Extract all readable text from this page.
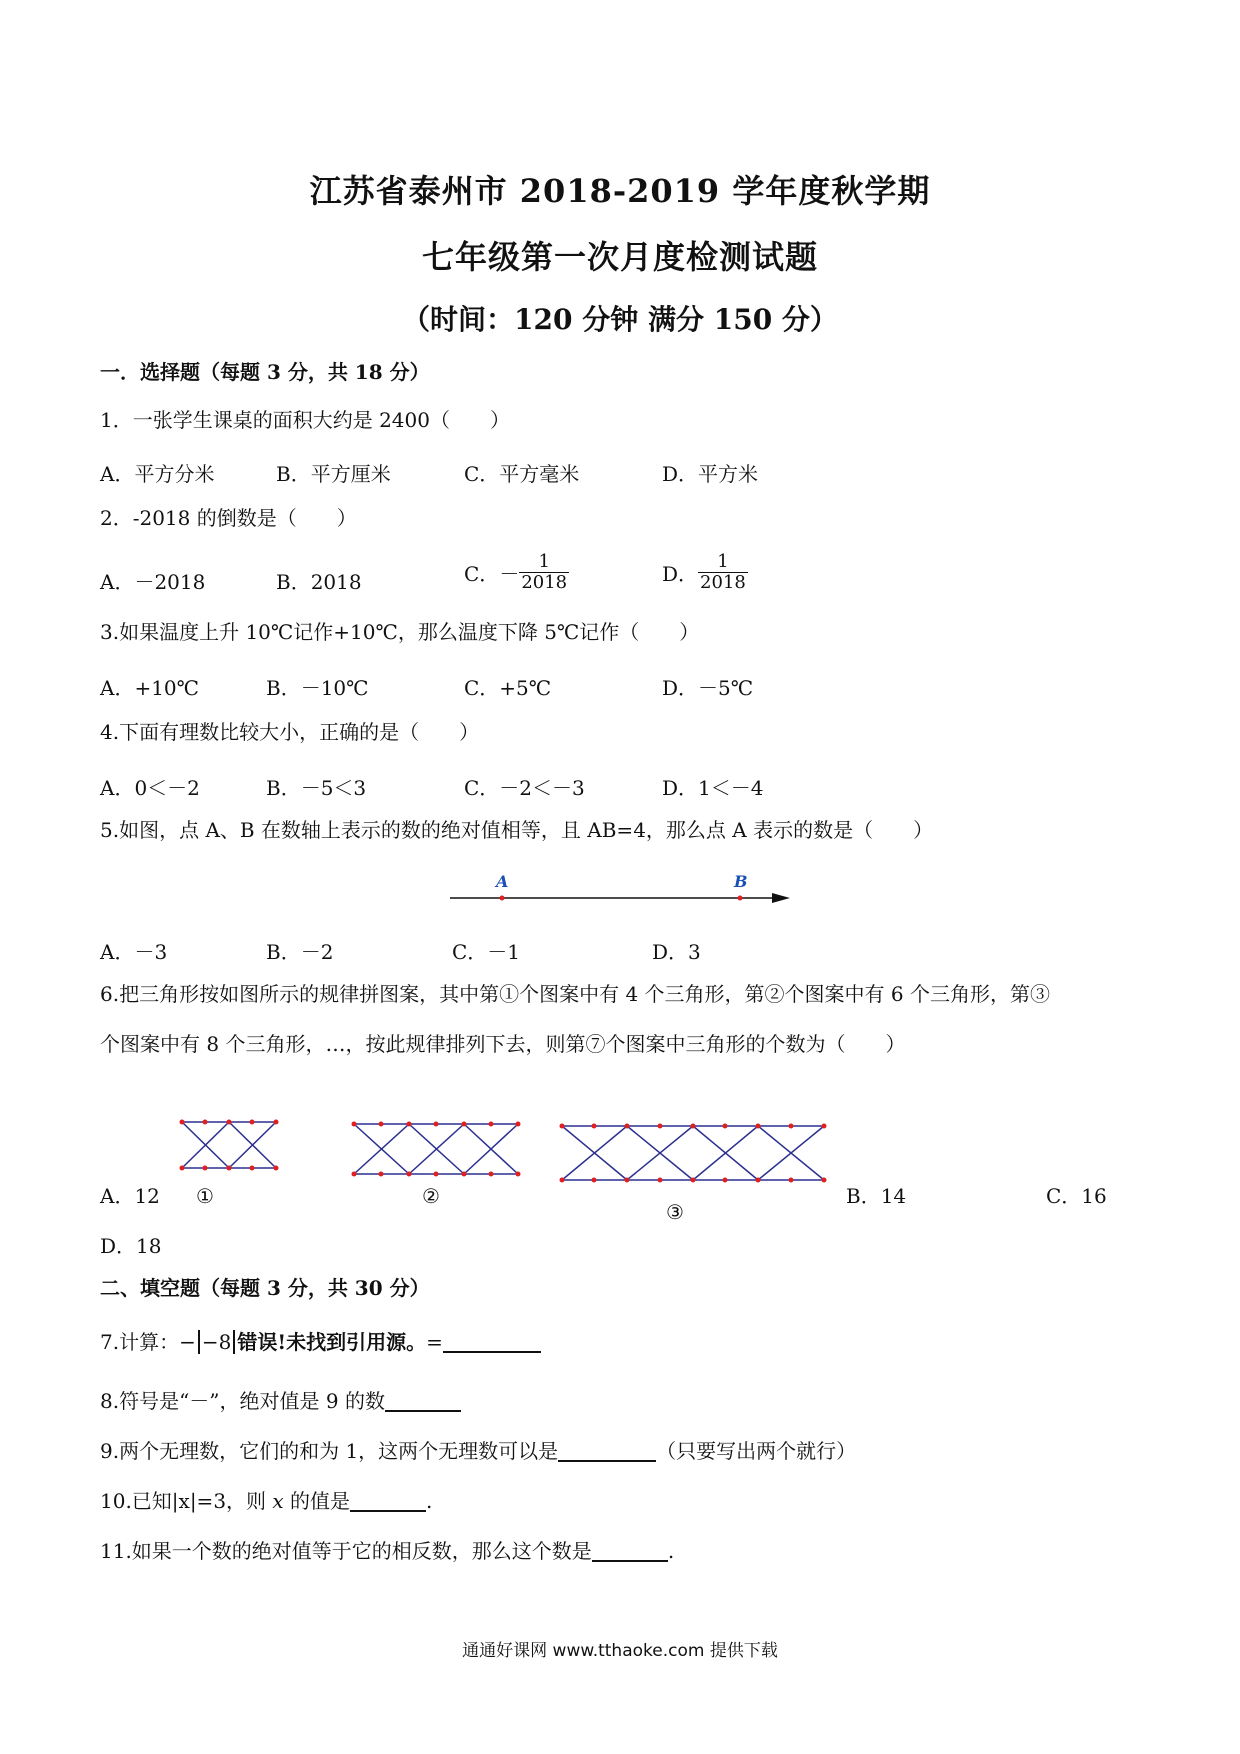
江苏省泰州市 2018-2019 学年度秋学期
七年级第一次月度检测试题
（时间：120 分钟 满分 150 分）
一．选择题（每题 3 分，共 18 分）
1．一张学生课桌的面积大约是 2400（　　）
A．平方分米	B．平方厘米	C．平方毫米	D．平方米
2．-2018 的倒数是（　　）
A．－2018	B．2018	C．－ $\frac{1}{2018}$	D． $\frac{1}{2018}$
3.如果温度上升 10℃记作+10℃，那么温度下降 5℃记作（　　）
A．+10℃	B．－10℃	C．+5℃	D．－5℃
4.下面有理数比较大小，正确的是（　　）
A．0＜－2	B．－5＜3	C．－2＜－3	D．1＜－4
5.如图，点 A、B 在数轴上表示的数的绝对值相等，且 AB=4，那么点 A 表示的数是（　　）
A	B
A．－3	B．－2	C．－1	D．3
6.把三角形按如图所示的规律拼图案，其中第①个图案中有 4 个三角形，第②个图案中有 6 个三角形，第③
个图案中有 8 个三角形，…，按此规律排列下去，则第⑦个图案中三角形的个数为（　　）
A．12 ①	②
③
B．14	C．16
D．18
二、填空题（每题 3 分，共 30 分）
7.计算：− −8 错误!未找到引用源。=
8.符号是“－”，绝对值是 9 的数
9.两个无理数，它们的和为 1，这两个无理数可以是	（只要写出两个就行）
10.已知|x|=3，则 x 的值是	.
11.如果一个数的绝对值等于它的相反数，那么这个数是	.
通通好课网 www.tthaoke.com 提供下载
